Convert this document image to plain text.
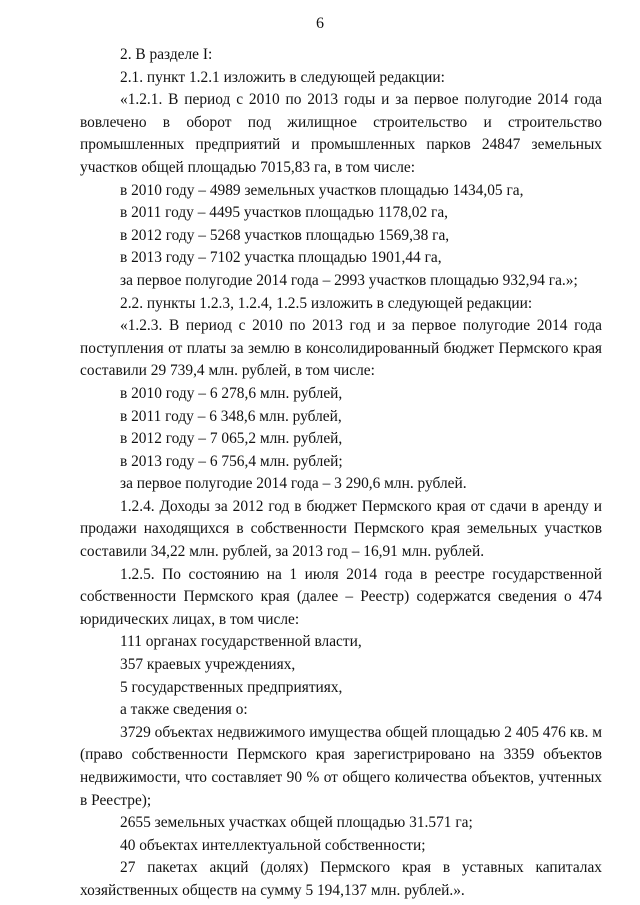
6

2. В разделе I:

2.1. пункт 1.2.1 изложить в следующей редакции:

«1.2.1. В период с 2010 по 2013 годы и за первое полугодие 2014 года вовлечено в оборот под жилищное строительство и строительство промышленных предприятий и промышленных парков 24847 земельных участков общей площадью 7015,83 га, в том числе:

в 2010 году – 4989 земельных участков площадью 1434,05 га,

в 2011 году – 4495 участков площадью 1178,02 га,

в 2012 году – 5268 участков площадью 1569,38 га,

в 2013 году – 7102 участка площадью 1901,44 га,

за первое полугодие 2014 года – 2993 участков площадью 932,94 га.»;

2.2. пункты 1.2.3, 1.2.4, 1.2.5 изложить в следующей редакции:

«1.2.3. В период с 2010 по 2013 год и за первое полугодие 2014 года поступления от платы за землю в консолидированный бюджет Пермского края составили 29 739,4 млн. рублей, в том числе:

в 2010 году – 6 278,6 млн. рублей,

в 2011 году – 6 348,6 млн. рублей,

в 2012 году – 7 065,2 млн. рублей,

в 2013 году – 6 756,4 млн. рублей;

за первое полугодие 2014 года – 3 290,6 млн. рублей.

1.2.4. Доходы за 2012 год в бюджет Пермского края от сдачи в аренду и продажи находящихся в собственности Пермского края земельных участков составили 34,22 млн. рублей, за 2013 год – 16,91 млн. рублей.

1.2.5. По состоянию на 1 июля 2014 года в реестре государственной собственности Пермского края (далее – Реестр) содержатся сведения о 474 юридических лицах, в том числе:

111 органах государственной власти,

357 краевых учреждениях,

5 государственных предприятиях,

а также сведения о:

3729 объектах недвижимого имущества общей площадью 2 405 476 кв. м (право собственности Пермского края зарегистрировано на 3359 объектов недвижимости, что составляет 90 % от общего количества объектов, учтенных в Реестре);

2655 земельных участках общей площадью 31.571 га;

40 объектах интеллектуальной собственности;

27 пакетах акций (долях) Пермского края в уставных капиталах хозяйственных обществ на сумму 5 194,137 млн. рублей.».
